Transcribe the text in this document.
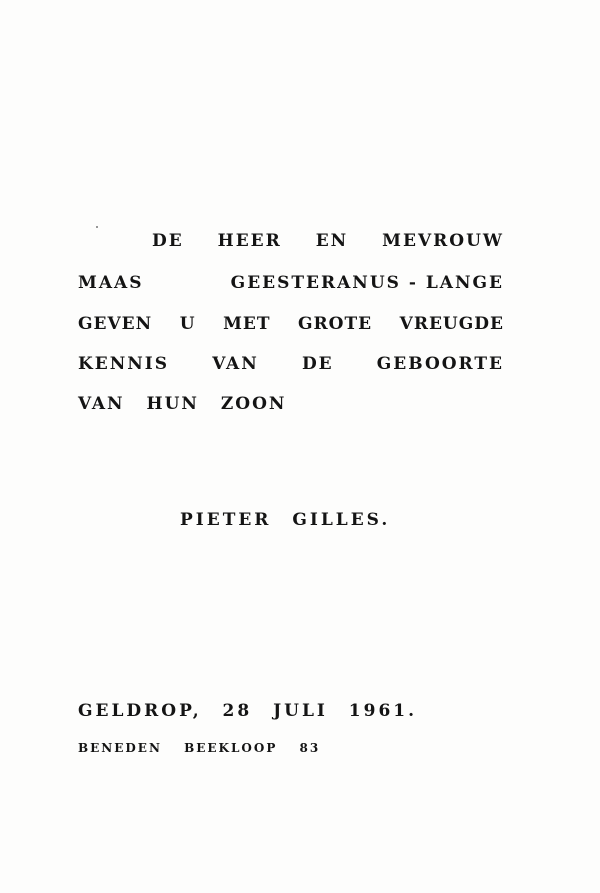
DE HEER EN MEVROUW

MAAS	GEESTERANUS - LANGE

GEVEN U MET GROTE VREUGDE

KENNIS	VAN	DE	GEBOORTE

VAN HUN ZOON

PIETER GILLES.

GELDROP, 28 JULI 1961.

BENEDEN BEEKLOOP 83
